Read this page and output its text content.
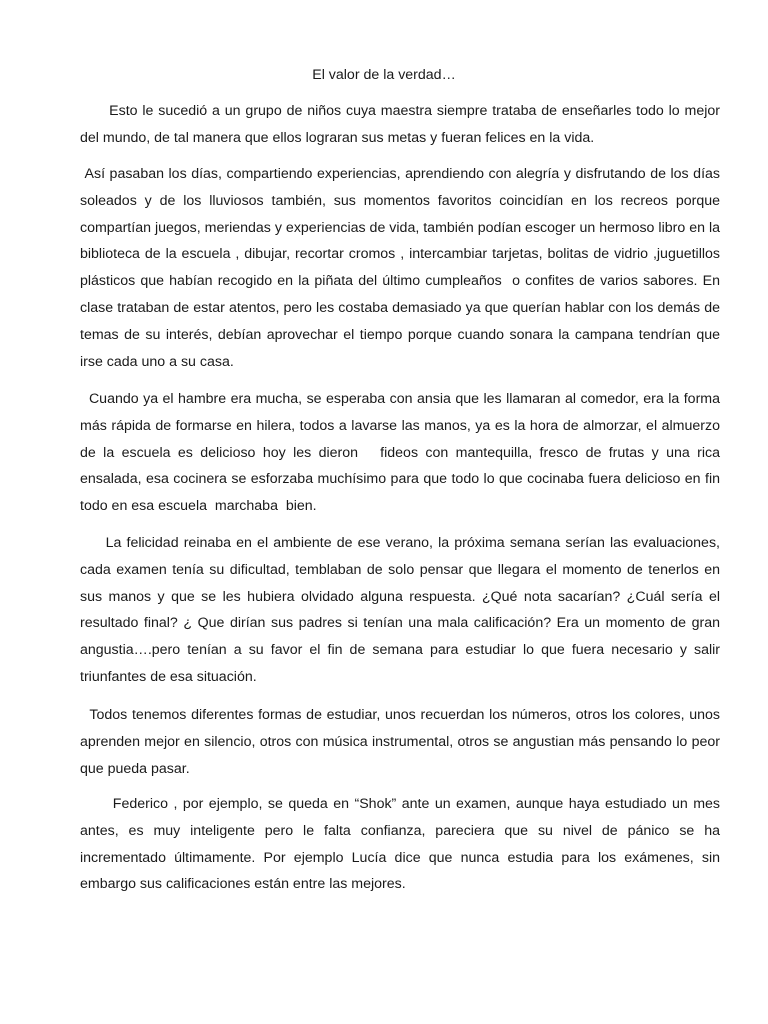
El valor de la verdad…

Esto le sucedió a un grupo de niños cuya maestra siempre trataba de enseñarles todo lo mejor del mundo, de tal manera que ellos lograran sus metas y fueran felices en la vida.

Así pasaban los días, compartiendo experiencias, aprendiendo con alegría y disfrutando de los días soleados y de los lluviosos también, sus momentos favoritos coincidían en los recreos porque compartían juegos, meriendas y experiencias de vida, también podían escoger un hermoso libro en la biblioteca de la escuela , dibujar, recortar cromos , intercambiar tarjetas, bolitas de vidrio ,juguetillos plásticos que habían recogido en la piñata del último cumpleaños  o confites de varios sabores. En clase trataban de estar atentos, pero les costaba demasiado ya que querían hablar con los demás de temas de su interés, debían aprovechar el tiempo porque cuando sonara la campana tendrían que irse cada uno a su casa.

Cuando ya el hambre era mucha, se esperaba con ansia que les llamaran al comedor, era la forma más rápida de formarse en hilera, todos a lavarse las manos, ya es la hora de almorzar, el almuerzo de la escuela es delicioso hoy les dieron   fideos con mantequilla, fresco de frutas y una rica ensalada, esa cocinera se esforzaba muchísimo para que todo lo que cocinaba fuera delicioso en fin todo en esa escuela  marchaba  bien.

La felicidad reinaba en el ambiente de ese verano, la próxima semana serían las evaluaciones, cada examen tenía su dificultad, temblaban de solo pensar que llegara el momento de tenerlos en sus manos y que se les hubiera olvidado alguna respuesta. ¿Qué nota sacarían? ¿Cuál sería el resultado final? ¿ Que dirían sus padres si tenían una mala calificación? Era un momento de gran angustia….pero tenían a su favor el fin de semana para estudiar lo que fuera necesario y salir triunfantes de esa situación.

Todos tenemos diferentes formas de estudiar, unos recuerdan los números, otros los colores, unos aprenden mejor en silencio, otros con música instrumental, otros se angustian más pensando lo peor que pueda pasar.

Federico , por ejemplo, se queda en “Shok” ante un examen, aunque haya estudiado un mes antes, es muy inteligente pero le falta confianza, pareciera que su nivel de pánico se ha incrementado últimamente. Por ejemplo Lucía dice que nunca estudia para los exámenes, sin embargo sus calificaciones están entre las mejores.
